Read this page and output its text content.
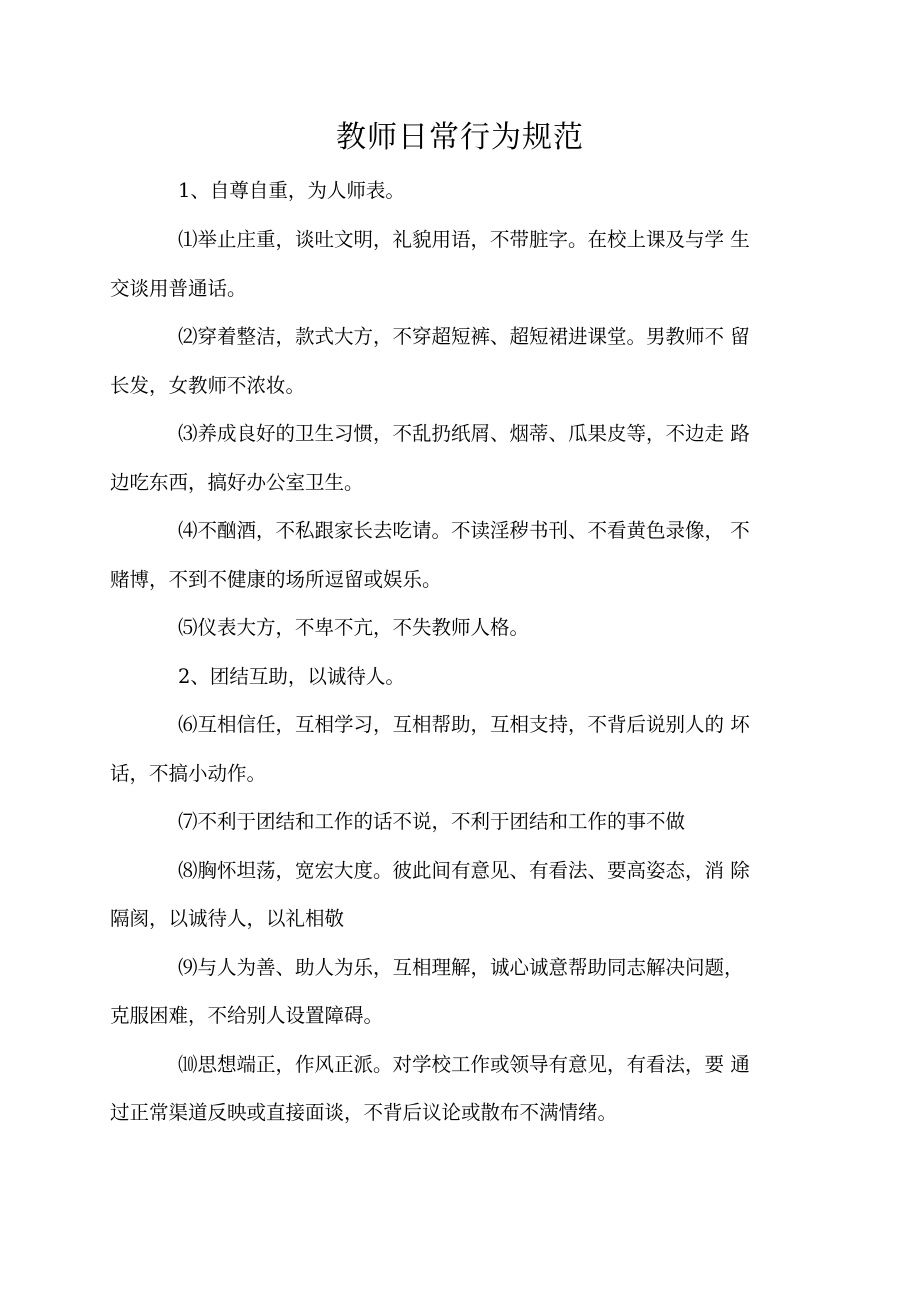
教师日常行为规范

1、自尊自重，为人师表。

⑴举止庄重，谈吐文明，礼貌用语，不带脏字。在校上课及与学 生

交谈用普通话。

⑵穿着整洁，款式大方，不穿超短裤、超短裙进课堂。男教师不 留

长发，女教师不浓妆。

⑶养成良好的卫生习惯，不乱扔纸屑、烟蒂、瓜果皮等，不边走 路

边吃东西，搞好办公室卫生。

⑷不酗酒，不私跟家长去吃请。不读淫秽书刊、不看黄色录像， 不

赌博，不到不健康的场所逗留或娱乐。

⑸仪表大方，不卑不亢，不失教师人格。

2、团结互助，以诚待人。

⑹互相信任，互相学习，互相帮助，互相支持，不背后说别人的 坏

话，不搞小动作。

⑺不利于团结和工作的话不说，不利于团结和工作的事不做

⑻胸怀坦荡，宽宏大度。彼此间有意见、有看法、要高姿态，消 除

隔阂，以诚待人，以礼相敬

⑼与人为善、助人为乐，互相理解，诚心诚意帮助同志解决问题，

克服困难，不给别人设置障碍。

⑽思想端正，作风正派。对学校工作或领导有意见，有看法，要 通

过正常渠道反映或直接面谈，不背后议论或散布不满情绪。
